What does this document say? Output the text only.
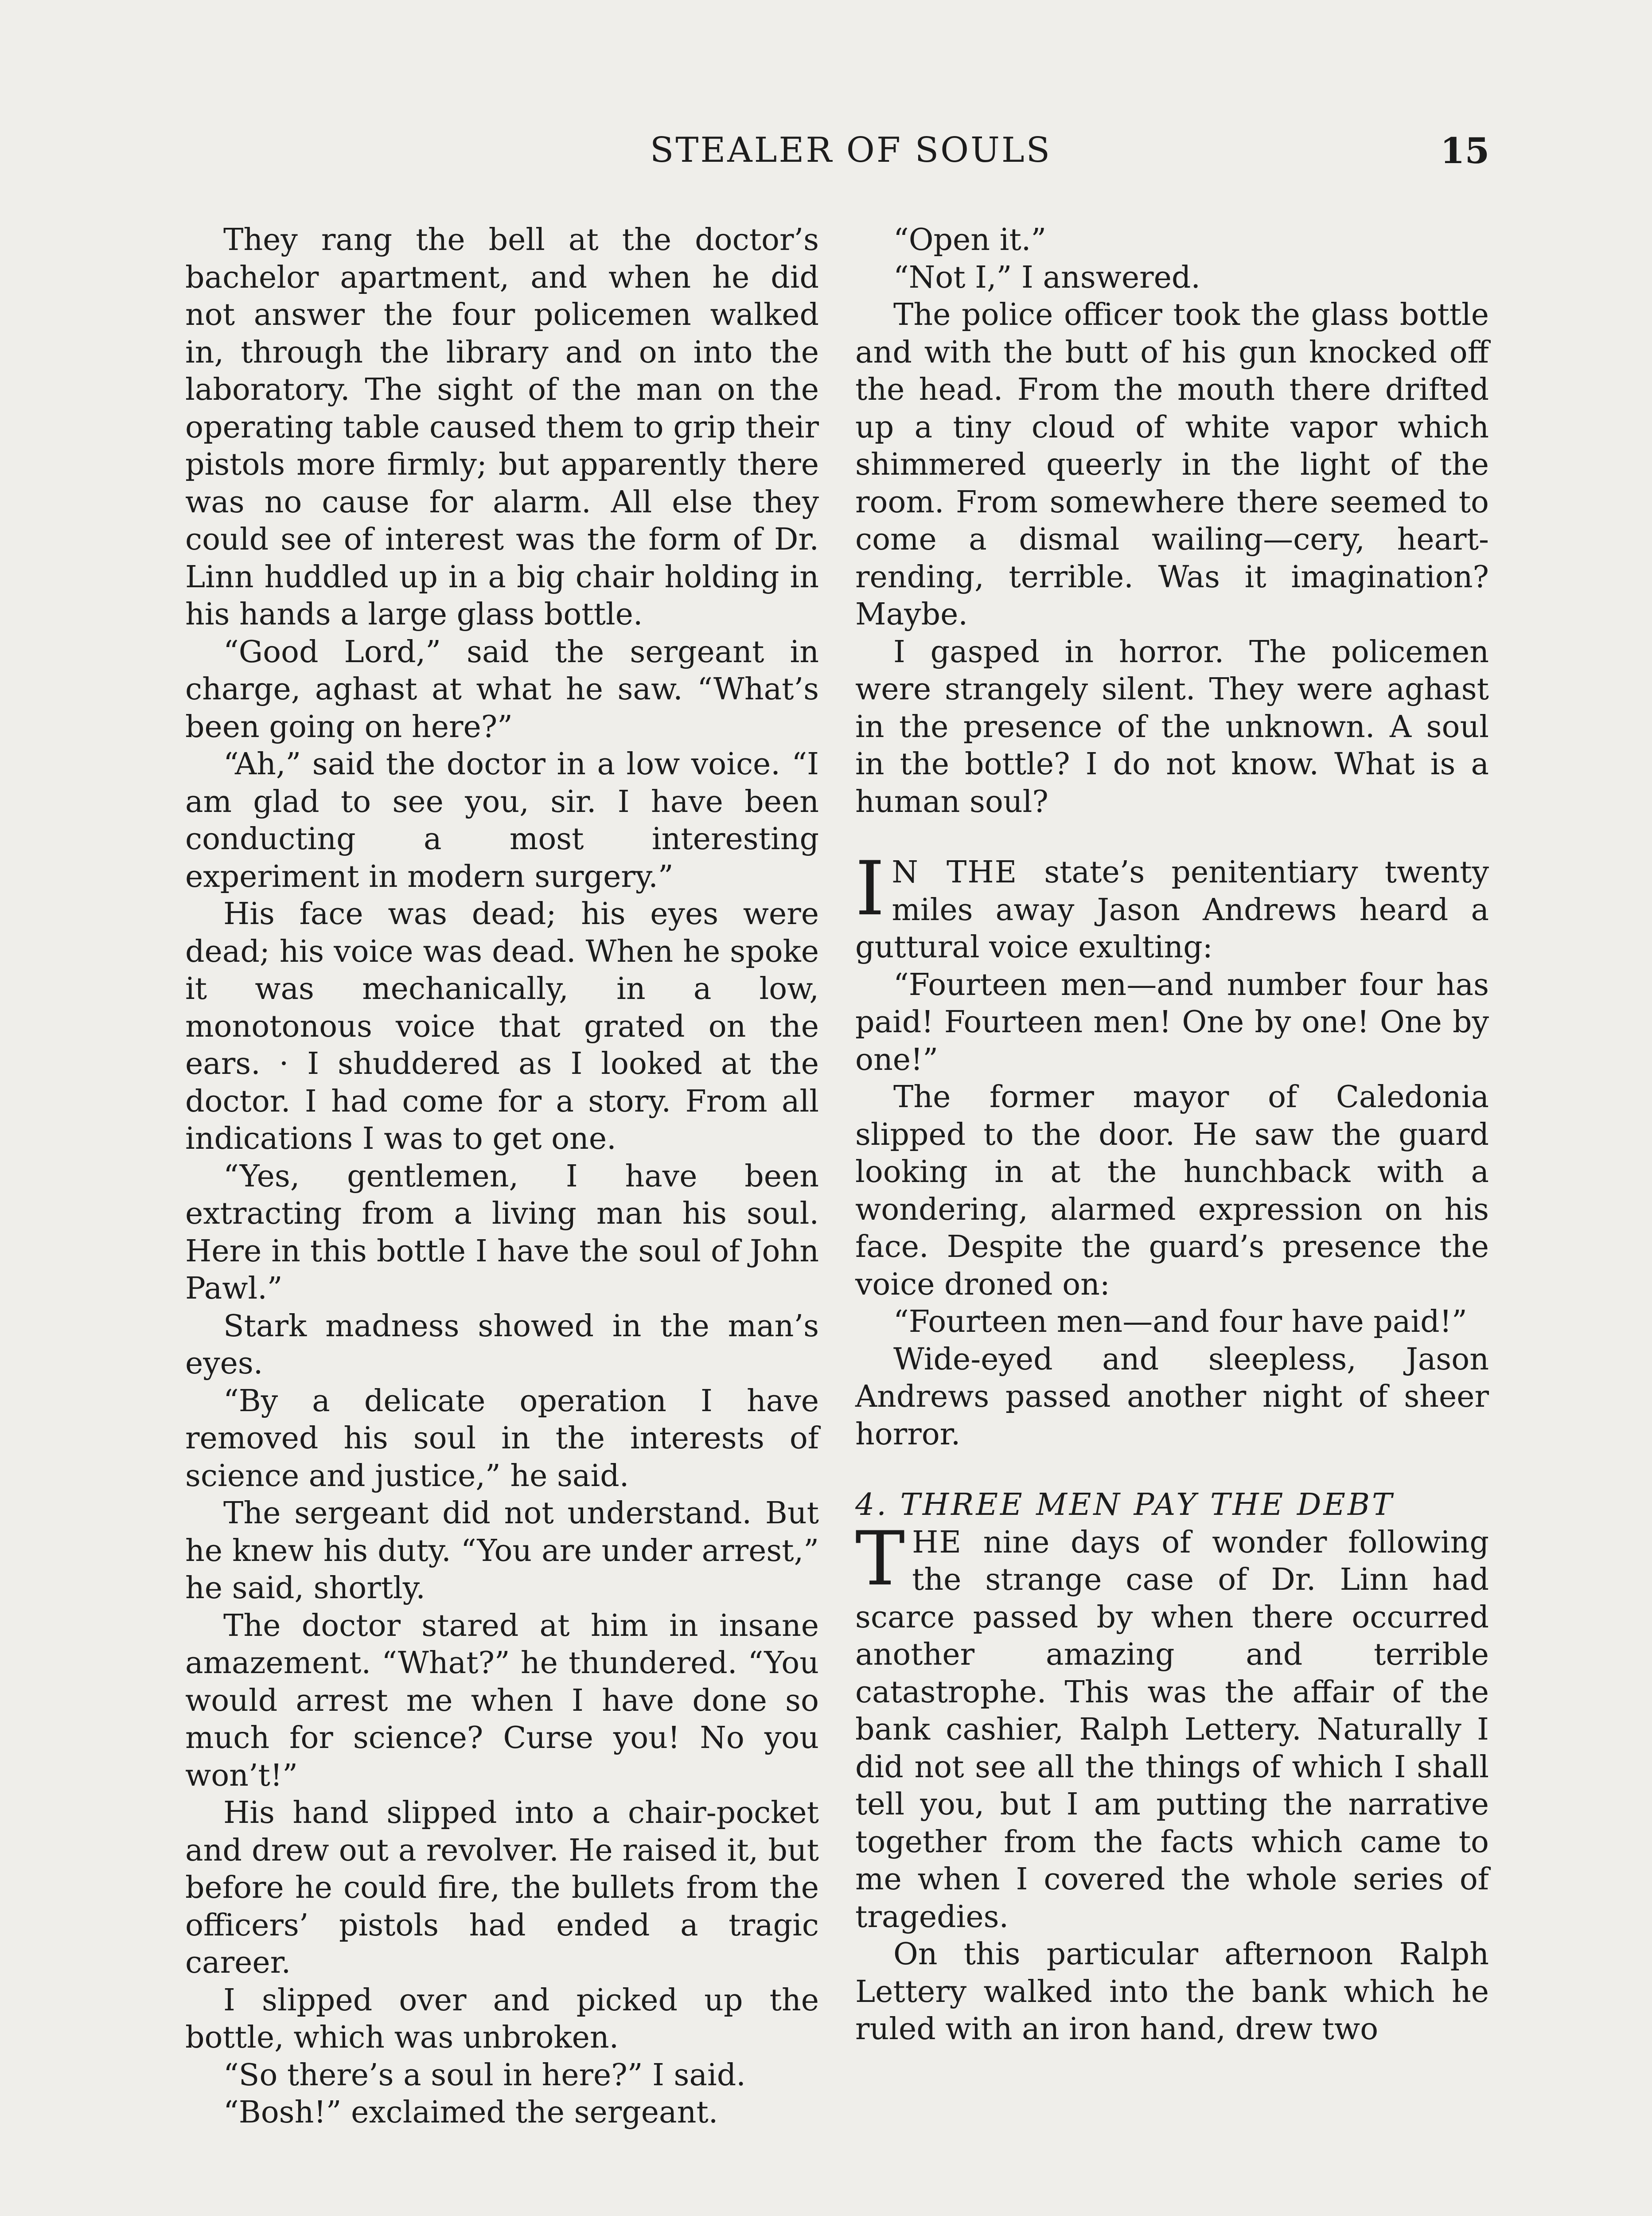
STEALER OF SOULS	15

They rang the bell at the doctor’s bachelor apartment, and when he did not answer the four policemen walked in, through the library and on into the laboratory. The sight of the man on the operating table caused them to grip their pistols more firmly; but apparently there was no cause for alarm. All else they could see of interest was the form of Dr. Linn huddled up in a big chair holding in his hands a large glass bottle.

“Good Lord,” said the sergeant in charge, aghast at what he saw. “What’s been going on here?”

“Ah,” said the doctor in a low voice. “I am glad to see you, sir. I have been conducting a most interesting experiment in modern surgery.”

His face was dead; his eyes were dead; his voice was dead. When he spoke it was mechanically, in a low, monotonous voice that grated on the ears. · I shuddered as I looked at the doctor. I had come for a story. From all indications I was to get one.

“Yes, gentlemen, I have been extracting from a living man his soul. Here in this bottle I have the soul of John Pawl.”

Stark madness showed in the man’s eyes.

“By a delicate operation I have removed his soul in the interests of science and justice,” he said.

The sergeant did not understand. But he knew his duty. “You are under arrest,” he said, shortly.

The doctor stared at him in insane amazement. “What?” he thundered. “You would arrest me when I have done so much for science? Curse you! No you won’t!”

His hand slipped into a chair-pocket and drew out a revolver. He raised it, but before he could fire, the bullets from the officers’ pistols had ended a tragic career.

I slipped over and picked up the bottle, which was unbroken.

“So there’s a soul in here?” I said.

“Bosh!” exclaimed the sergeant.

“Open it.”

“Not I,” I answered.

The police officer took the glass bottle and with the butt of his gun knocked off the head. From the mouth there drifted up a tiny cloud of white vapor which shimmered queerly in the light of the room. From somewhere there seemed to come a dismal wailing—cery, heart-rending, terrible. Was it imagination? Maybe.

I gasped in horror. The policemen were strangely silent. They were aghast in the presence of the unknown. A soul in the bottle? I do not know. What is a human soul?

I N THE state’s penitentiary twenty miles away Jason Andrews heard a guttural voice exulting:

“Fourteen men—and number four has paid! Fourteen men! One by one! One by one!”

The former mayor of Caledonia slipped to the door. He saw the guard looking in at the hunchback with a wondering, alarmed expression on his face. Despite the guard’s presence the voice droned on:

“Fourteen men—and four have paid!”

Wide-eyed and sleepless, Jason Andrews passed another night of sheer horror.

4. THREE MEN PAY THE DEBT

THE nine days of wonder following the strange case of Dr. Linn had scarce passed by when there occurred another amazing and terrible catastrophe. This was the affair of the bank cashier, Ralph Lettery. Naturally I did not see all the things of which I shall tell you, but I am putting the narrative together from the facts which came to me when I covered the whole series of tragedies.

On this particular afternoon Ralph Lettery walked into the bank which he ruled with an iron hand, drew two
